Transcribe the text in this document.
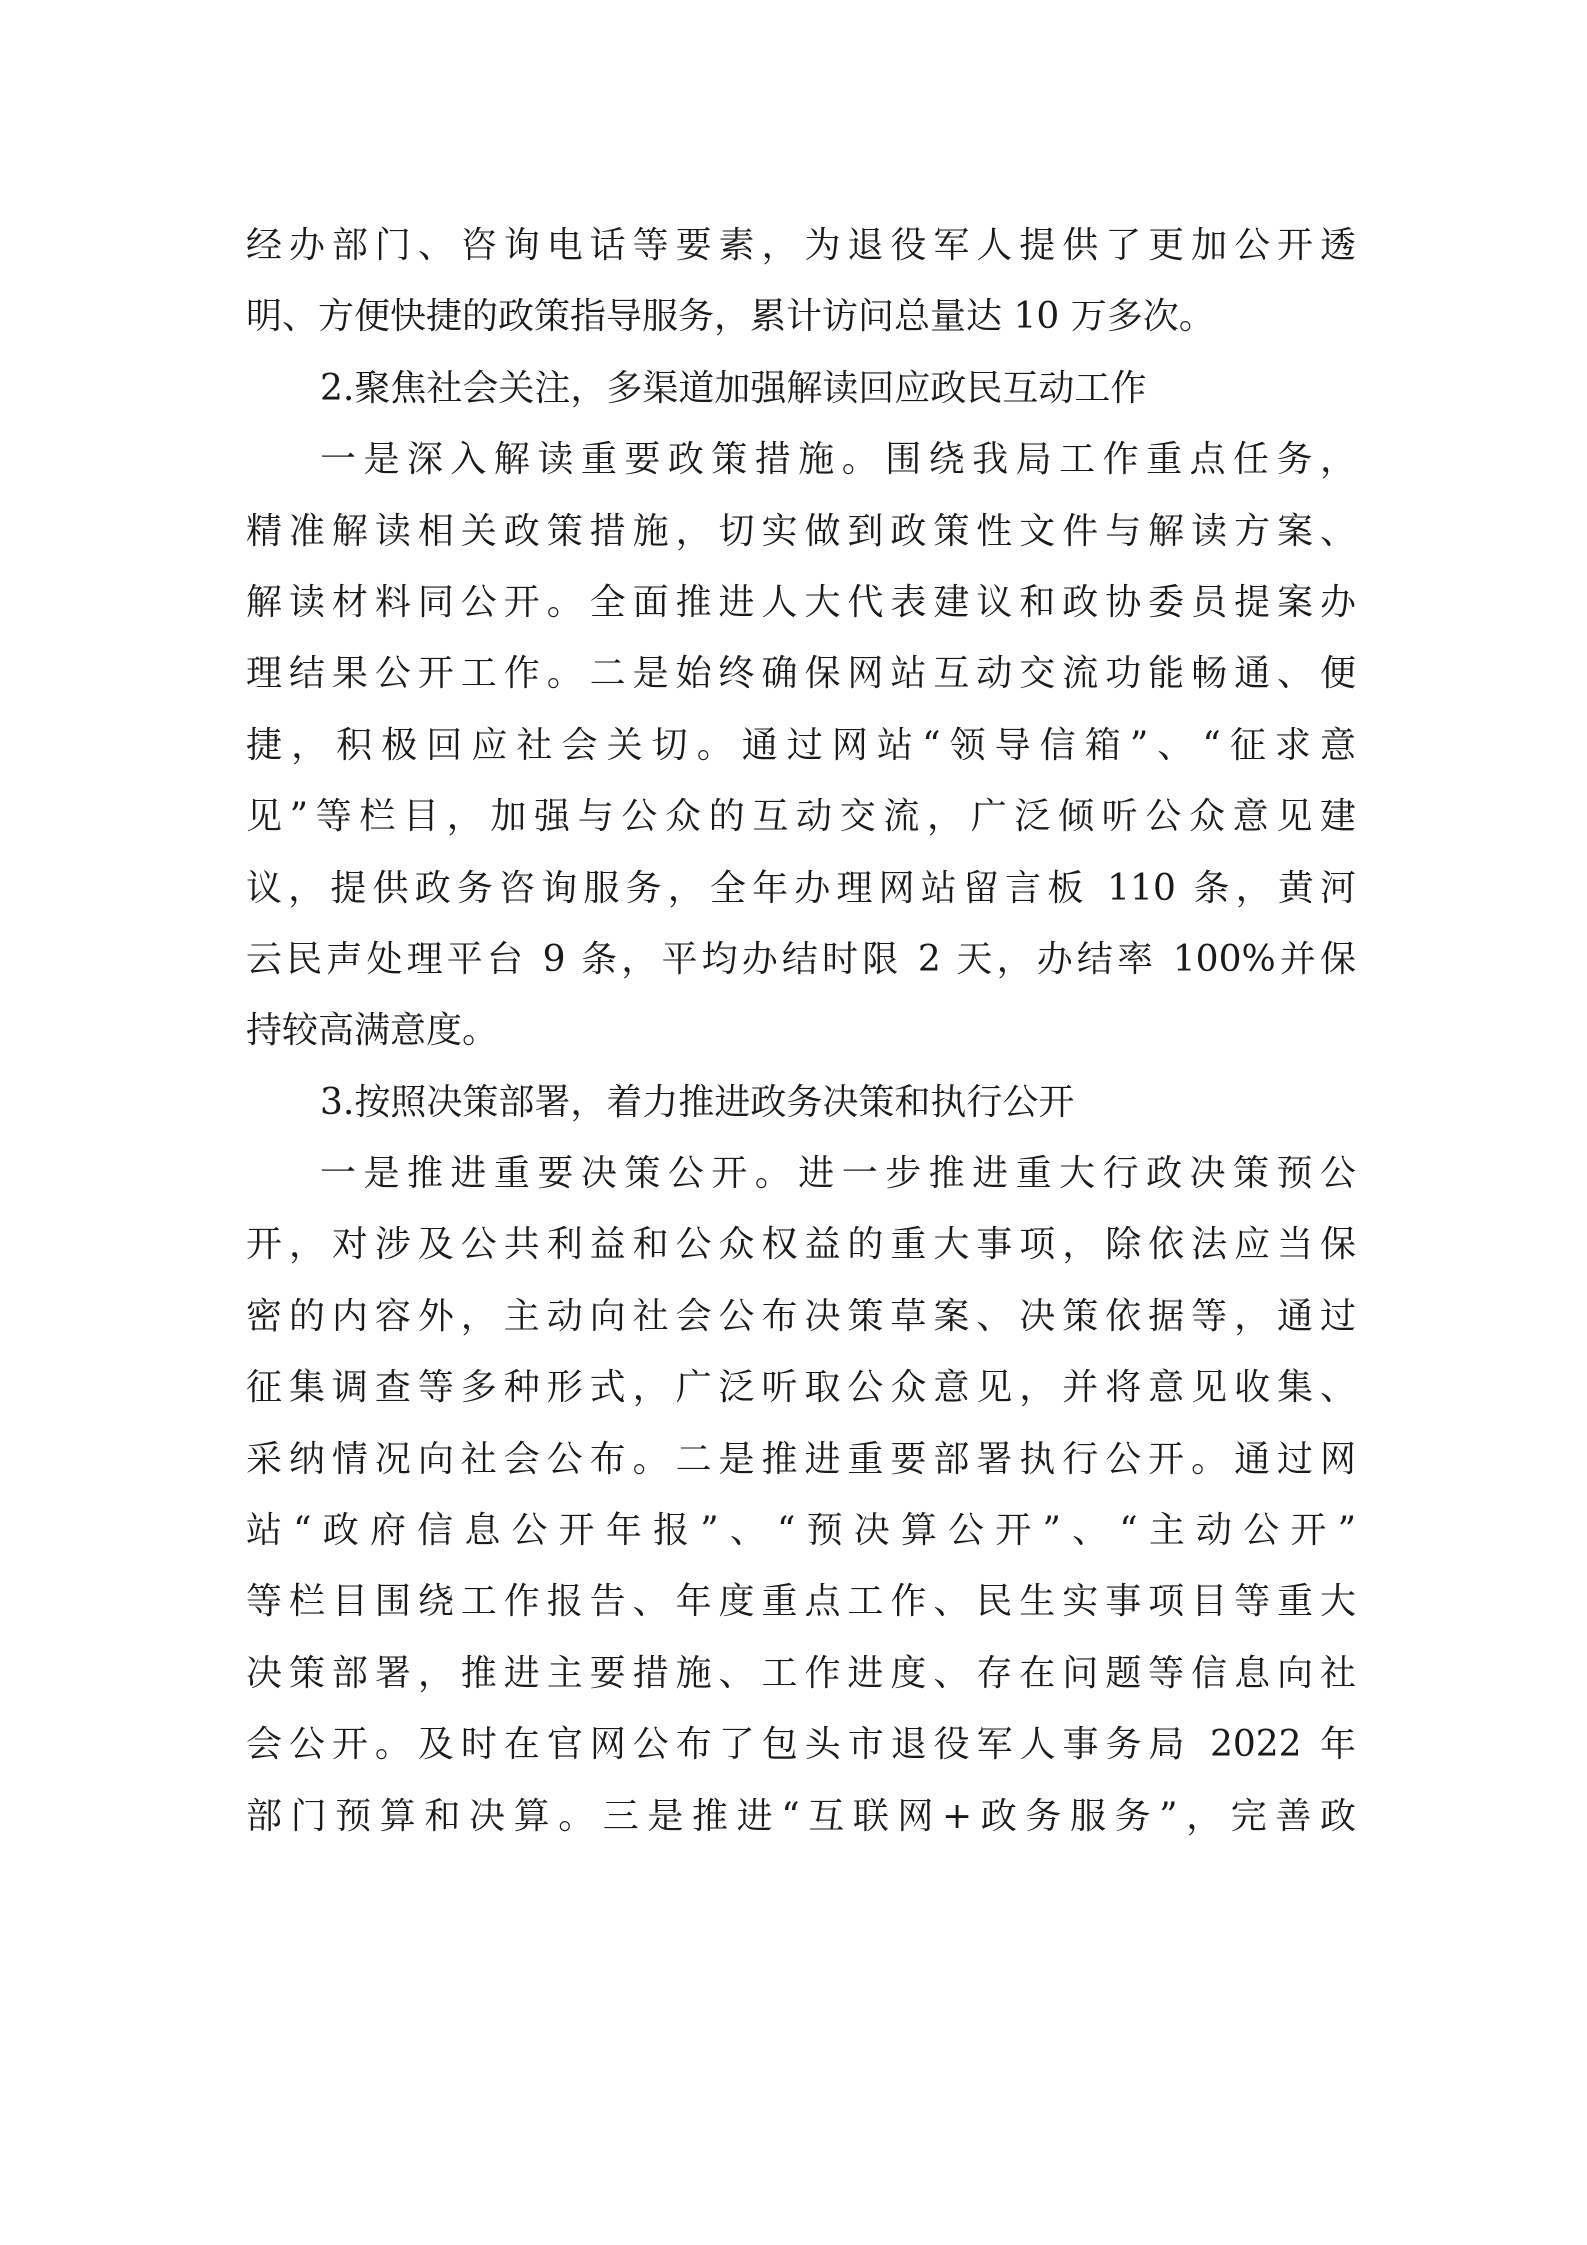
经办部门、咨询电话等要素，为退役军人提供了更加公开透
明、方便快捷的政策指导服务，累计访问总量达 10 万多次。
2.聚焦社会关注，多渠道加强解读回应政民互动工作
一是深入解读重要政策措施。围绕我局工作重点任务，
精准解读相关政策措施，切实做到政策性文件与解读方案、
解读材料同公开。全面推进人大代表建议和政协委员提案办
理结果公开工作。二是始终确保网站互动交流功能畅通、便
捷，积极回应社会关切。通过网站“领导信箱”、“征求意
见”等栏目，加强与公众的互动交流，广泛倾听公众意见建
议，提供政务咨询服务，全年办理网站留言板 110 条，黄河
云民声处理平台 9 条，平均办结时限 2 天，办结率 100%并保
持较高满意度。
3.按照决策部署，着力推进政务决策和执行公开
一是推进重要决策公开。进一步推进重大行政决策预公
开，对涉及公共利益和公众权益的重大事项，除依法应当保
密的内容外，主动向社会公布决策草案、决策依据等，通过
征集调查等多种形式，广泛听取公众意见，并将意见收集、
采纳情况向社会公布。二是推进重要部署执行公开。通过网
站“政府信息公开年报”、“预决算公开”、“主动公开”
等栏目围绕工作报告、年度重点工作、民生实事项目等重大
决策部署，推进主要措施、工作进度、存在问题等信息向社
会公开。及时在官网公布了包头市退役军人事务局 2022 年
部门预算和决算。三是推进“互联网+政务服务”，完善政
